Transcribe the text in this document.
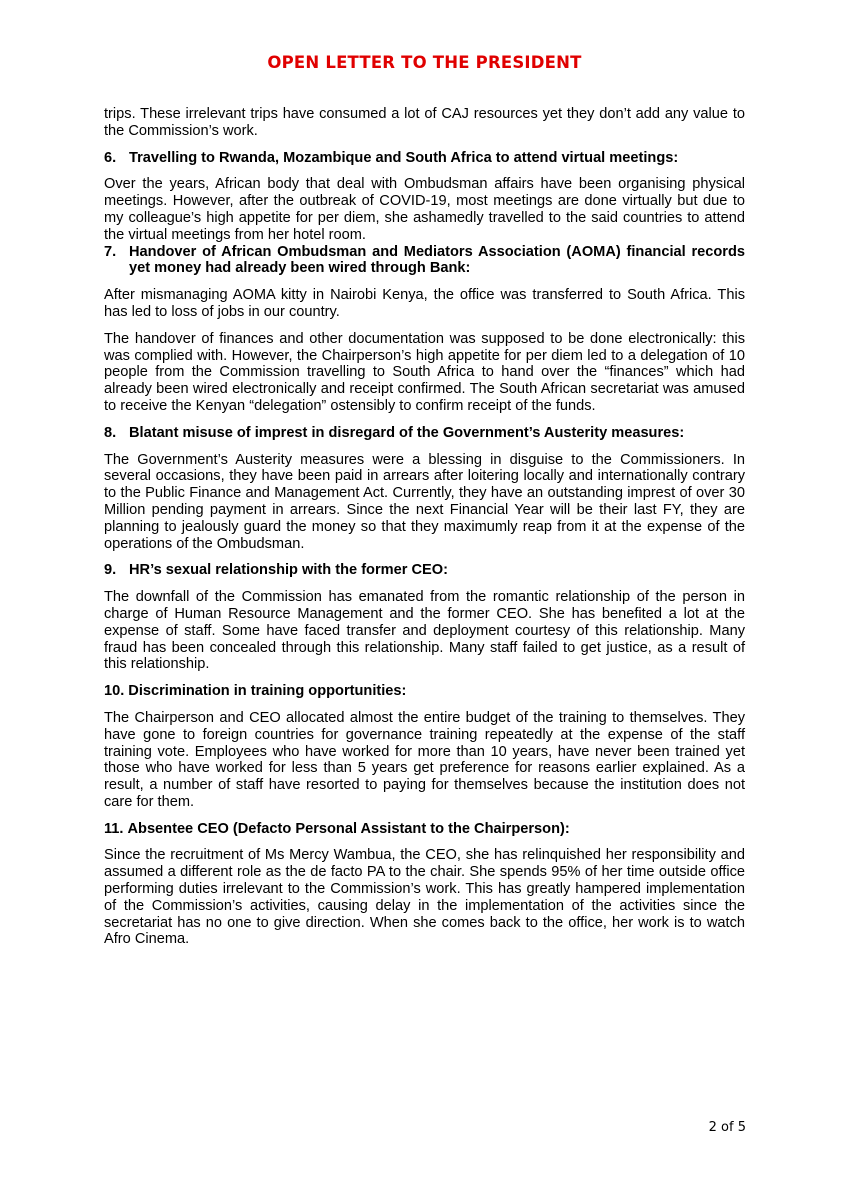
OPEN LETTER TO THE PRESIDENT

trips. These irrelevant trips have consumed a lot of CAJ resources yet they don’t add any value to the Commission’s work.

6. Travelling to Rwanda, Mozambique and South Africa to attend virtual meetings:

Over the years, African body that deal with Ombudsman affairs have been organising physical meetings. However, after the outbreak of COVID-19, most meetings are done virtually but due to my colleague’s high appetite for per diem, she ashamedly travelled to the said countries to attend the virtual meetings from her hotel room.

7. Handover of African Ombudsman and Mediators Association (AOMA) financial records yet money had already been wired through Bank:

After mismanaging AOMA kitty in Nairobi Kenya, the office was transferred to South Africa. This has led to loss of jobs in our country.

The handover of finances and other documentation was supposed to be done electronically: this was complied with. However, the Chairperson’s high appetite for per diem led to a delegation of 10 people from the Commission travelling to South Africa to hand over the “finances” which had already been wired electronically and receipt confirmed. The South African secretariat was amused to receive the Kenyan “delegation” ostensibly to confirm receipt of the funds.

8. Blatant misuse of imprest in disregard of the Government’s Austerity measures:

The Government’s Austerity measures were a blessing in disguise to the Commissioners. In several occasions, they have been paid in arrears after loitering locally and internationally contrary to the Public Finance and Management Act. Currently, they have an outstanding imprest of over 30 Million pending payment in arrears. Since the next Financial Year will be their last FY, they are planning to jealously guard the money so that they maximumly reap from it at the expense of the operations of the Ombudsman.

9. HR’s sexual relationship with the former CEO:

The downfall of the Commission has emanated from the romantic relationship of the person in charge of Human Resource Management and the former CEO. She has benefited a lot at the expense of staff. Some have faced transfer and deployment courtesy of this relationship. Many fraud has been concealed through this relationship. Many staff failed to get justice, as a result of this relationship.

10. Discrimination in training opportunities:

The Chairperson and CEO allocated almost the entire budget of the training to themselves. They have gone to foreign countries for governance training repeatedly at the expense of the staff training vote. Employees who have worked for more than 10 years, have never been trained yet those who have worked for less than 5 years get preference for reasons earlier explained. As a result, a number of staff have resorted to paying for themselves because the institution does not care for them.

11. Absentee CEO (Defacto Personal Assistant to the Chairperson):

Since the recruitment of Ms Mercy Wambua, the CEO, she has relinquished her responsibility and assumed a different role as the de facto PA to the chair. She spends 95% of her time outside office performing duties irrelevant to the Commission’s work. This has greatly hampered implementation of the Commission’s activities, causing delay in the implementation of the activities since the secretariat has no one to give direction. When she comes back to the office, her work is to watch Afro Cinema.

2 of 5
